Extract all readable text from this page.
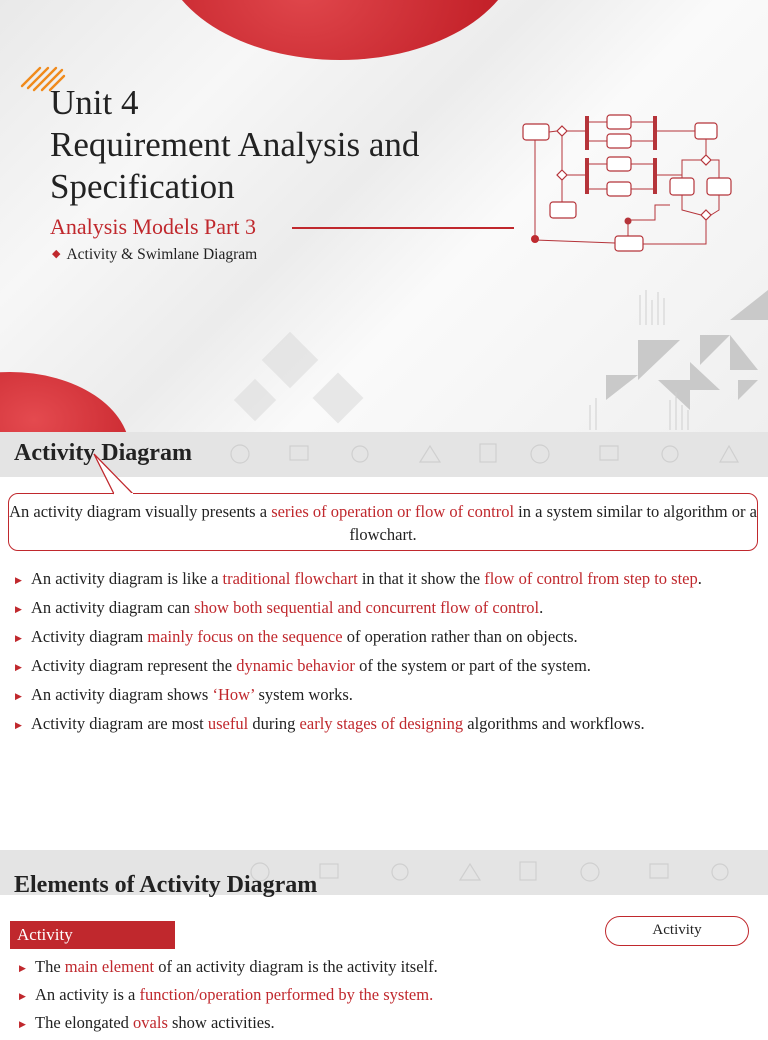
Unit 4
Requirement Analysis and
Specification
Analysis Models Part 3
◆ Activity & Swimlane Diagram
Activity Diagram
An activity diagram visually presents a series of operation or flow of control in a system similar to algorithm or a flowchart.
▶ An activity diagram is like a traditional flowchart in that it show the flow of control from step to step.
▶ An activity diagram can show both sequential and concurrent flow of control.
▶ Activity diagram mainly focus on the sequence of operation rather than on objects.
▶ Activity diagram represent the dynamic behavior of the system or part of the system.
▶ An activity diagram shows ‘How’ system works.
▶ Activity diagram are most useful during early stages of designing algorithms and workflows.
Elements of Activity Diagram
Activity	Activity
▶ The main element of an activity diagram is the activity itself.
▶ An activity is a function/operation performed by the system.
▶ The elongated ovals show activities.
